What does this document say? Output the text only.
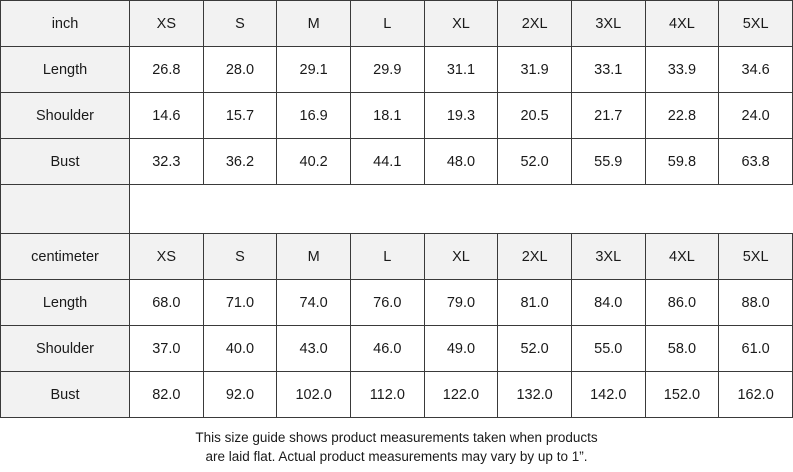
inch	XS	S	M	L	XL	2XL	3XL	4XL	5XL
Length	26.8	28.0	29.1	29.9	31.1	31.9	33.1	33.9	34.6
Shoulder	14.6	15.7	16.9	18.1	19.3	20.5	21.7	22.8	24.0
Bust	32.3	36.2	40.2	44.1	48.0	52.0	55.9	59.8	63.8

centimeter	XS	S	M	L	XL	2XL	3XL	4XL	5XL
Length	68.0	71.0	74.0	76.0	79.0	81.0	84.0	86.0	88.0
Shoulder	37.0	40.0	43.0	46.0	49.0	52.0	55.0	58.0	61.0
Bust	82.0	92.0	102.0	112.0	122.0	132.0	142.0	152.0	162.0
This size guide shows product measurements taken when products
are laid flat. Actual product measurements may vary by up to 1”.
